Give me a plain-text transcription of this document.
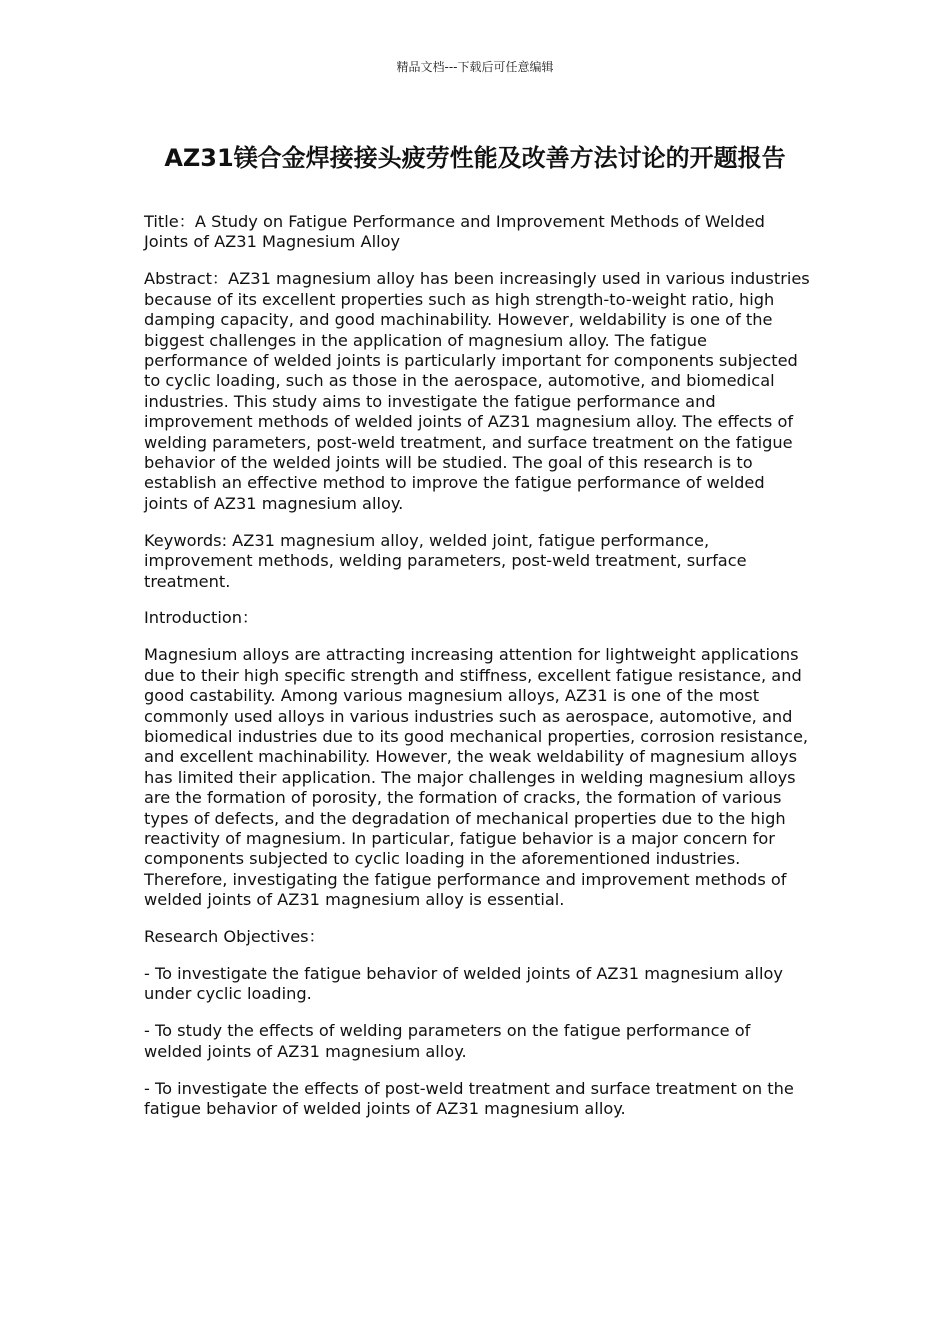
精品文档---下载后可任意编辑
AZ31镁合金焊接接头疲劳性能及改善方法讨论的开题报告

Title：A Study on Fatigue Performance and Improvement Methods of Welded Joints of AZ31 Magnesium Alloy

Abstract：AZ31 magnesium alloy has been increasingly used in various industries because of its excellent properties such as high strength-to-weight ratio, high damping capacity, and good machinability. However, weldability is one of the biggest challenges in the application of magnesium alloy. The fatigue performance of welded joints is particularly important for components subjected to cyclic loading, such as those in the aerospace, automotive, and biomedical industries. This study aims to investigate the fatigue performance and improvement methods of welded joints of AZ31 magnesium alloy. The effects of welding parameters, post-weld treatment, and surface treatment on the fatigue behavior of the welded joints will be studied. The goal of this research is to establish an effective method to improve the fatigue performance of welded joints of AZ31 magnesium alloy.

Keywords: AZ31 magnesium alloy, welded joint, fatigue performance, improvement methods, welding parameters, post-weld treatment, surface treatment.

Introduction：

Magnesium alloys are attracting increasing attention for lightweight applications due to their high specific strength and stiffness, excellent fatigue resistance, and good castability. Among various magnesium alloys, AZ31 is one of the most commonly used alloys in various industries such as aerospace, automotive, and biomedical industries due to its good mechanical properties, corrosion resistance, and excellent machinability. However, the weak weldability of magnesium alloys has limited their application. The major challenges in welding magnesium alloys are the formation of porosity, the formation of cracks, the formation of various types of defects, and the degradation of mechanical properties due to the high reactivity of magnesium. In particular, fatigue behavior is a major concern for components subjected to cyclic loading in the aforementioned industries. Therefore, investigating the fatigue performance and improvement methods of welded joints of AZ31 magnesium alloy is essential.

Research Objectives：

- To investigate the fatigue behavior of welded joints of AZ31 magnesium alloy under cyclic loading.

- To study the effects of welding parameters on the fatigue performance of welded joints of AZ31 magnesium alloy.

- To investigate the effects of post-weld treatment and surface treatment on the fatigue behavior of welded joints of AZ31 magnesium alloy.
